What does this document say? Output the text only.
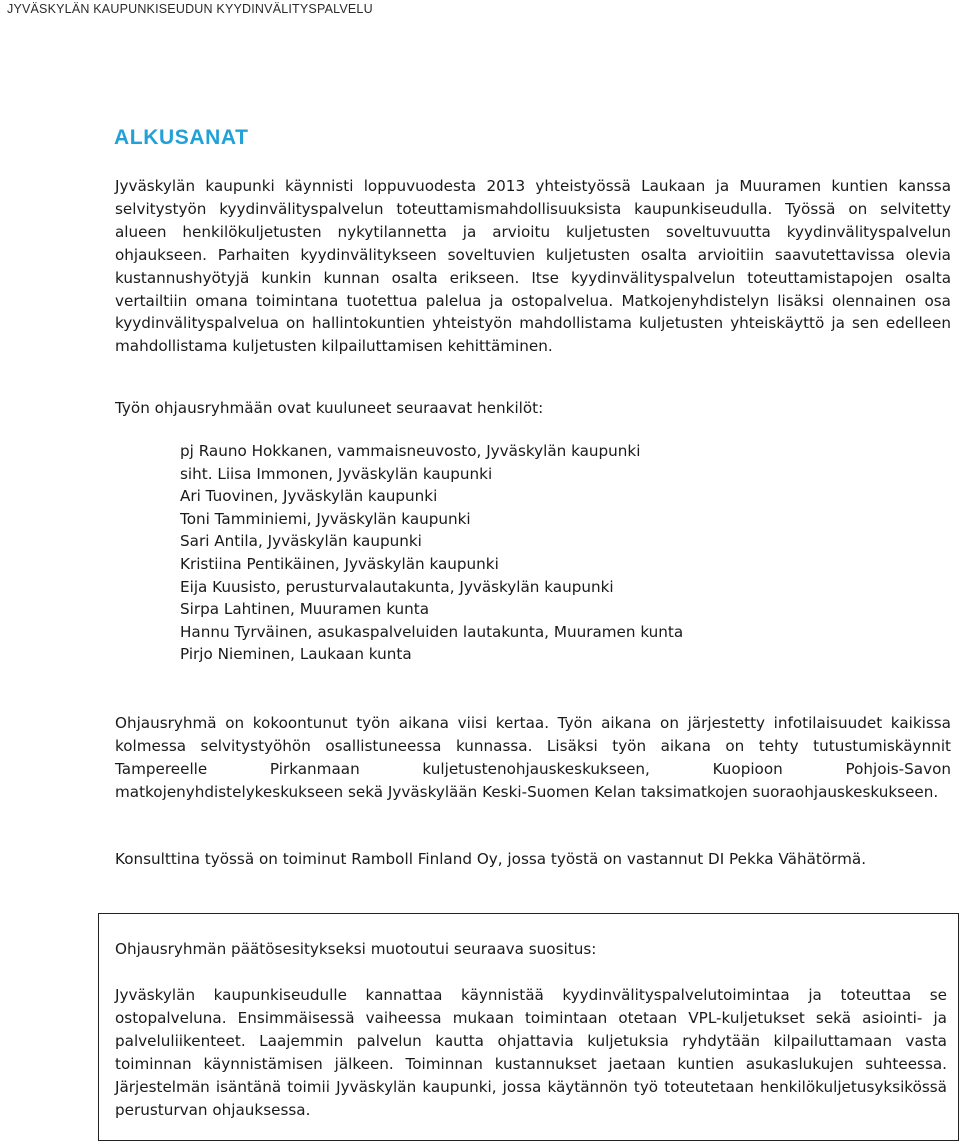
JYVÄSKYLÄN KAUPUNKISEUDUN KYYDINVÄLITYSPALVELU
ALKUSANAT

Jyväskylän kaupunki käynnisti loppuvuodesta 2013 yhteistyössä Laukaan ja Muuramen kuntien kanssa selvitystyön kyydinvälityspalvelun toteuttamismahdollisuuksista kaupunkiseudulla. Työssä on selvitetty alueen henkilökuljetusten nykytilannetta ja arvioitu kuljetusten soveltuvuutta kyydinvälityspalvelun ohjaukseen. Parhaiten kyydinvälitykseen soveltuvien kuljetusten osalta arvioitiin saavutettavissa olevia kustannushyötyjä kunkin kunnan osalta erikseen. Itse kyydinvälityspalvelun toteuttamistapojen osalta vertailtiin omana toimintana tuotettua palelua ja ostopalvelua. Matkojenyhdistelyn lisäksi olennainen osa kyydinvälityspalvelua on hallintokuntien yhteistyön mahdollistama kuljetusten yhteiskäyttö ja sen edelleen mahdollistama kuljetusten kilpailuttamisen kehittäminen.

Työn ohjausryhmään ovat kuuluneet seuraavat henkilöt:

pj Rauno Hokkanen, vammaisneuvosto, Jyväskylän kaupunki
siht. Liisa Immonen, Jyväskylän kaupunki
Ari Tuovinen, Jyväskylän kaupunki
Toni Tamminiemi, Jyväskylän kaupunki
Sari Antila, Jyväskylän kaupunki
Kristiina Pentikäinen, Jyväskylän kaupunki
Eija Kuusisto, perusturvalautakunta, Jyväskylän kaupunki
Sirpa Lahtinen, Muuramen kunta
Hannu Tyrväinen, asukaspalveluiden lautakunta, Muuramen kunta
Pirjo Nieminen, Laukaan kunta

Ohjausryhmä on kokoontunut työn aikana viisi kertaa. Työn aikana on järjestetty infotilaisuudet kaikissa kolmessa selvitystyöhön osallistuneessa kunnassa. Lisäksi työn aikana on tehty tutustumiskäynnit Tampereelle Pirkanmaan kuljetustenohjauskeskukseen, Kuopioon Pohjois-Savon matkojenyhdistelykeskukseen sekä Jyväskylään Keski-Suomen Kelan taksimatkojen suoraohjauskeskukseen.

Konsulttina työssä on toiminut Ramboll Finland Oy, jossa työstä on vastannut DI Pekka Vähätörmä.

Ohjausryhmän päätösesitykseksi muotoutui seuraava suositus:

Jyväskylän kaupunkiseudulle kannattaa käynnistää kyydinvälityspalvelutoimintaa ja toteuttaa se ostopalveluna. Ensimmäisessä vaiheessa mukaan toimintaan otetaan VPL-kuljetukset sekä asiointi- ja palveluliikenteet. Laajemmin palvelun kautta ohjattavia kuljetuksia ryhdytään kilpailuttamaan vasta toiminnan käynnistämisen jälkeen. Toiminnan kustannukset jaetaan kuntien asukaslukujen suhteessa. Järjestelmän isäntänä toimii Jyväskylän kaupunki, jossa käytännön työ toteutetaan henkilökuljetusyksikössä perusturvan ohjauksessa.
